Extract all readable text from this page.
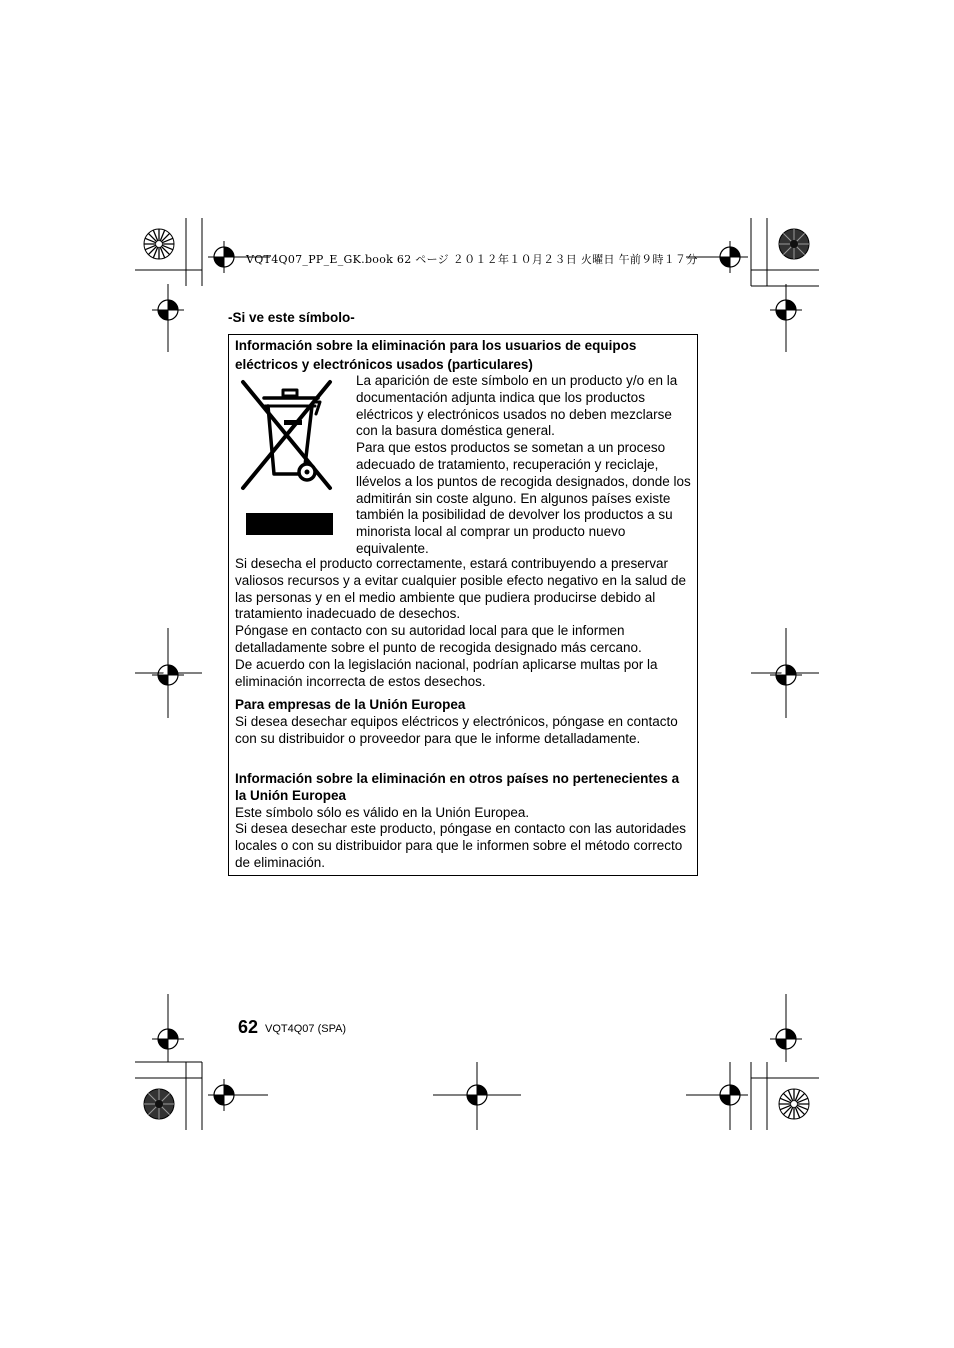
VQT4Q07_PP_E_GK.book 62 ページ ２０１２年１０月２３日 火曜日 午前９時１７分
-Si ve este símbolo-
Información sobre la eliminación para los usuarios de equipos eléctricos y electrónicos usados (particulares)
La aparición de este símbolo en un producto y/o en la documentación adjunta indica que los productos eléctricos y electrónicos usados no deben mezclarse con la basura doméstica general.
Para que estos productos se sometan a un proceso adecuado de tratamiento, recuperación y reciclaje, llévelos a los puntos de recogida designados, donde los admitirán sin coste alguno. En algunos países existe también la posibilidad de devolver los productos a su minorista local al comprar un producto nuevo equivalente.
Si desecha el producto correctamente, estará contribuyendo a preservar valiosos recursos y a evitar cualquier posible efecto negativo en la salud de las personas y en el medio ambiente que pudiera producirse debido al tratamiento inadecuado de desechos.
Póngase en contacto con su autoridad local para que le informen detalladamente sobre el punto de recogida designado más cercano.
De acuerdo con la legislación nacional, podrían aplicarse multas por la eliminación incorrecta de estos desechos.
Para empresas de la Unión Europea
Si desea desechar equipos eléctricos y electrónicos, póngase en contacto con su distribuidor o proveedor para que le informe detalladamente.
Información sobre la eliminación en otros países no pertenecientes a la Unión Europea
Este símbolo sólo es válido en la Unión Europea.
Si desea desechar este producto, póngase en contacto con las autoridades locales o con su distribuidor para que le informen sobre el método correcto de eliminación.
62 VQT4Q07 (SPA)
